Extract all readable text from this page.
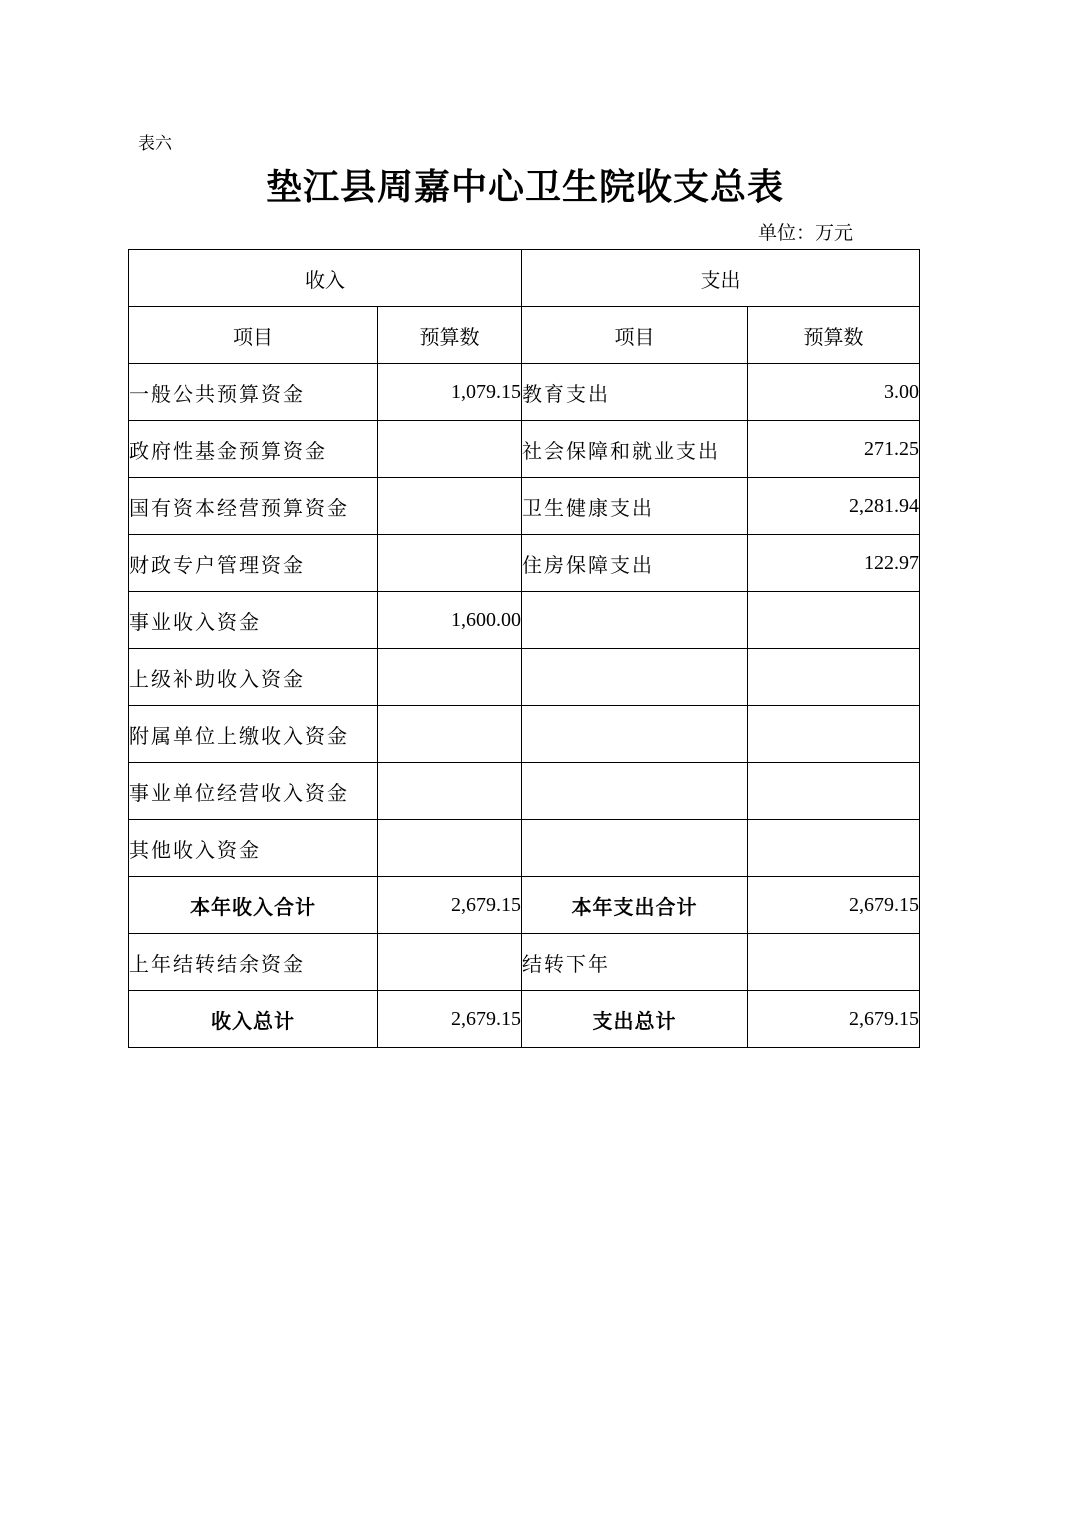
表六
垫江县周嘉中心卫生院收支总表
单位：万元
收入		支出	
项目	预算数	项目	预算数
一般公共预算资金	1,079.15	教育支出	3.00
政府性基金预算资金		社会保障和就业支出	271.25
国有资本经营预算资金		卫生健康支出	2,281.94
财政专户管理资金		住房保障支出	122.97
事业收入资金	1,600.00		
上级补助收入资金			
附属单位上缴收入资金			
事业单位经营收入资金			
其他收入资金			
本年收入合计	2,679.15	本年支出合计	2,679.15
上年结转结余资金		结转下年	
收入总计	2,679.15	支出总计	2,679.15
